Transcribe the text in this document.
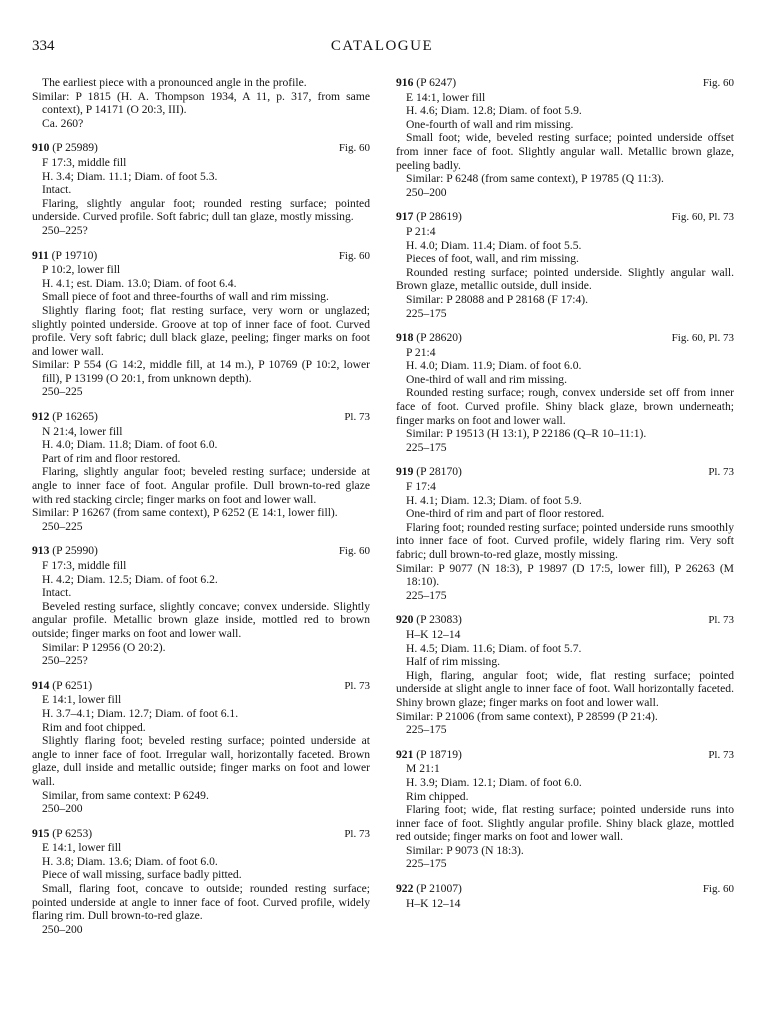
334	CATALOGUE

The earliest piece with a pronounced angle in the profile.

Similar: P 1815 (H. A. Thompson 1934, A 11, p. 317, from same context), P 14171 (O 20:3, III).

Ca. 260?

910 (P 25989)	Fig. 60

F 17:3, middle fill

H. 3.4; Diam. 11.1; Diam. of foot 5.3.

Intact.

Flaring, slightly angular foot; rounded resting surface; pointed underside. Curved profile. Soft fabric; dull tan glaze, mostly missing.

250–225?

911 (P 19710)	Fig. 60

P 10:2, lower fill

H. 4.1; est. Diam. 13.0; Diam. of foot 6.4.

Small piece of foot and three-fourths of wall and rim missing.

Slightly flaring foot; flat resting surface, very worn or unglazed; slightly pointed underside. Groove at top of inner face of foot. Curved profile. Very soft fabric; dull black glaze, peeling; finger marks on foot and lower wall.

Similar: P 554 (G 14:2, middle fill, at 14 m.), P 10769 (P 10:2, lower fill), P 13199 (O 20:1, from unknown depth).

250–225

912 (P 16265)	Pl. 73

N 21:4, lower fill

H. 4.0; Diam. 11.8; Diam. of foot 6.0.

Part of rim and floor restored.

Flaring, slightly angular foot; beveled resting surface; underside at angle to inner face of foot. Angular profile. Dull brown-to-red glaze with red stacking circle; finger marks on foot and lower wall.

Similar: P 16267 (from same context), P 6252 (E 14:1, lower fill).

250–225

913 (P 25990)	Fig. 60

F 17:3, middle fill

H. 4.2; Diam. 12.5; Diam. of foot 6.2.

Intact.

Beveled resting surface, slightly concave; convex underside. Slightly angular profile. Metallic brown glaze inside, mottled red to brown outside; finger marks on foot and lower wall.

Similar: P 12956 (O 20:2).

250–225?

914 (P 6251)	Pl. 73

E 14:1, lower fill

H. 3.7–4.1; Diam. 12.7; Diam. of foot 6.1.

Rim and foot chipped.

Slightly flaring foot; beveled resting surface; pointed underside at angle to inner face of foot. Irregular wall, horizontally faceted. Brown glaze, dull inside and metallic outside; finger marks on foot and lower wall.

Similar, from same context: P 6249.

250–200

915 (P 6253)	Pl. 73

E 14:1, lower fill

H. 3.8; Diam. 13.6; Diam. of foot 6.0.

Piece of wall missing, surface badly pitted.

Small, flaring foot, concave to outside; rounded resting surface; pointed underside at angle to inner face of foot. Curved profile, widely flaring rim. Dull brown-to-red glaze.

250–200

916 (P 6247)	Fig. 60

E 14:1, lower fill

H. 4.6; Diam. 12.8; Diam. of foot 5.9.

One-fourth of wall and rim missing.

Small foot; wide, beveled resting surface; pointed underside offset from inner face of foot. Slightly angular wall. Metallic brown glaze, peeling badly.

Similar: P 6248 (from same context), P 19785 (Q 11:3).

250–200

917 (P 28619)	Fig. 60, Pl. 73

P 21:4

H. 4.0; Diam. 11.4; Diam. of foot 5.5.

Pieces of foot, wall, and rim missing.

Rounded resting surface; pointed underside. Slightly angular wall. Brown glaze, metallic outside, dull inside.

Similar: P 28088 and P 28168 (F 17:4).

225–175

918 (P 28620)	Fig. 60, Pl. 73

P 21:4

H. 4.0; Diam. 11.9; Diam. of foot 6.0.

One-third of wall and rim missing.

Rounded resting surface; rough, convex underside set off from inner face of foot. Curved profile. Shiny black glaze, brown underneath; finger marks on foot and lower wall.

Similar: P 19513 (H 13:1), P 22186 (Q–R 10–11:1).

225–175

919 (P 28170)	Pl. 73

F 17:4

H. 4.1; Diam. 12.3; Diam. of foot 5.9.

One-third of rim and part of floor restored.

Flaring foot; rounded resting surface; pointed underside runs smoothly into inner face of foot. Curved profile, widely flaring rim. Very soft fabric; dull brown-to-red glaze, mostly missing.

Similar: P 9077 (N 18:3), P 19897 (D 17:5, lower fill), P 26263 (M 18:10).

225–175

920 (P 23083)	Pl. 73

H–K 12–14

H. 4.5; Diam. 11.6; Diam. of foot 5.7.

Half of rim missing.

High, flaring, angular foot; wide, flat resting surface; pointed underside at slight angle to inner face of foot. Wall horizontally faceted. Shiny brown glaze; finger marks on foot and lower wall.

Similar: P 21006 (from same context), P 28599 (P 21:4).

225–175

921 (P 18719)	Pl. 73

M 21:1

H. 3.9; Diam. 12.1; Diam. of foot 6.0.

Rim chipped.

Flaring foot; wide, flat resting surface; pointed underside runs into inner face of foot. Slightly angular profile. Shiny black glaze, mottled red outside; finger marks on foot and lower wall.

Similar: P 9073 (N 18:3).

225–175

922 (P 21007)	Fig. 60

H–K 12–14
